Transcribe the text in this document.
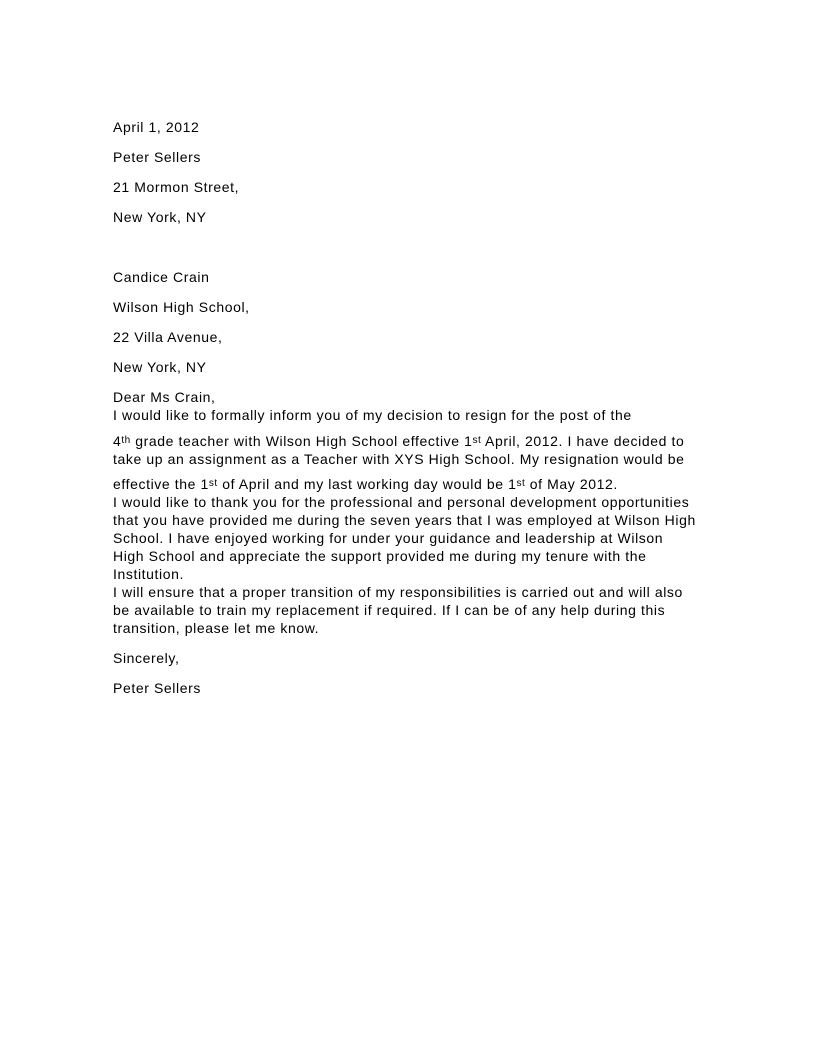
April 1, 2012
Peter Sellers
21 Mormon Street,
New York, NY
Candice Crain
Wilson High School,
22 Villa Avenue,
New York, NY
Dear Ms Crain,
I would like to formally inform you of my decision to resign for the post of the
4th grade teacher with Wilson High School effective 1st April, 2012. I have decided to
take up an assignment as a Teacher with XYS High School. My resignation would be
effective the 1st of April and my last working day would be 1st of May 2012.
I would like to thank you for the professional and personal development opportunities
that you have provided me during the seven years that I was employed at Wilson High
School. I have enjoyed working for under your guidance and leadership at Wilson
High School and appreciate the support provided me during my tenure with the
Institution.
I will ensure that a proper transition of my responsibilities is carried out and will also
be available to train my replacement if required. If I can be of any help during this
transition, please let me know.
Sincerely,
Peter Sellers
